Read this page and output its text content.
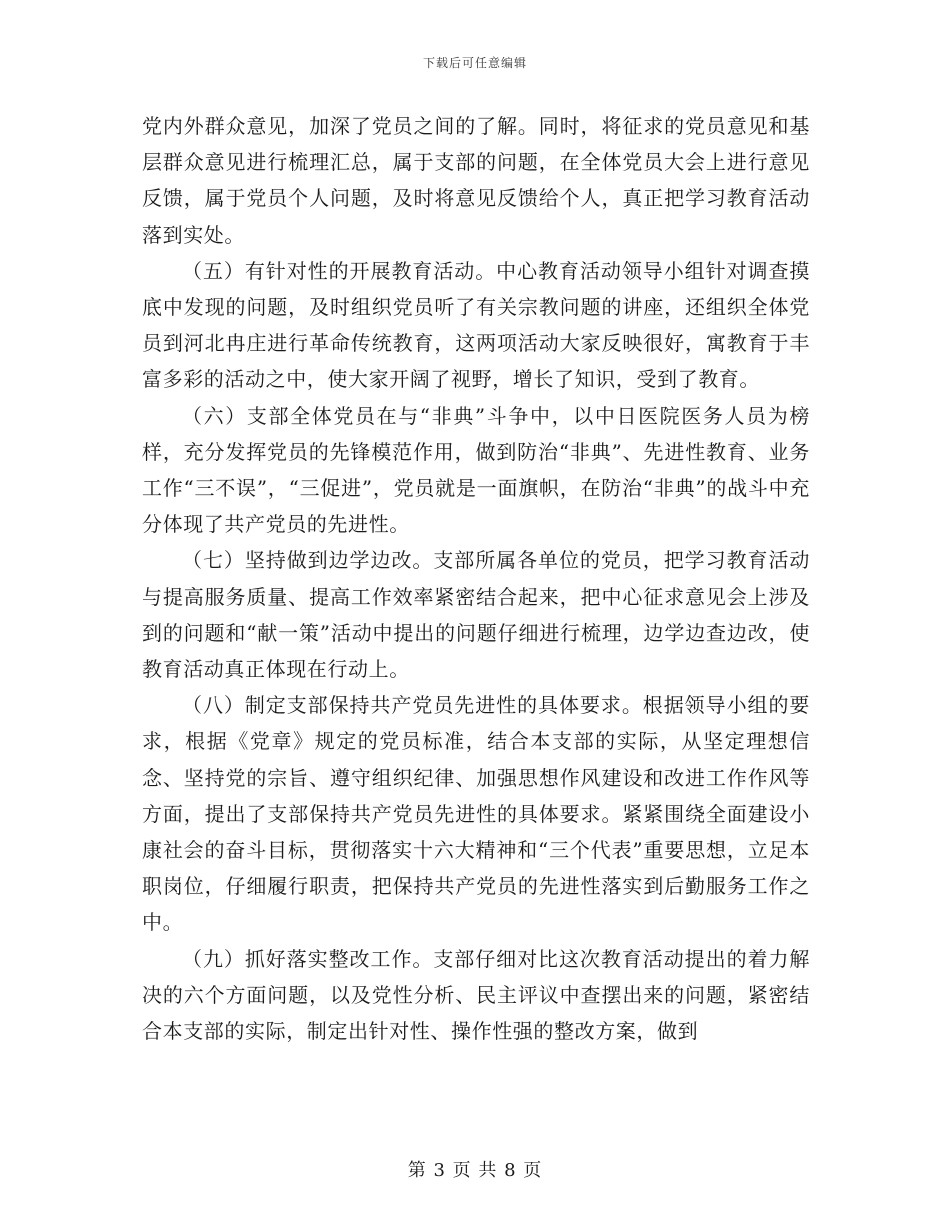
下载后可任意编辑

党内外群众意见，加深了党员之间的了解。同时，将征求的党员意见和基层群众意见进行梳理汇总，属于支部的问题，在全体党员大会上进行意见反馈，属于党员个人问题，及时将意见反馈给个人，真正把学习教育活动落到实处。

（五）有针对性的开展教育活动。中心教育活动领导小组针对调查摸底中发现的问题，及时组织党员听了有关宗教问题的讲座，还组织全体党员到河北冉庄进行革命传统教育，这两项活动大家反映很好，寓教育于丰富多彩的活动之中，使大家开阔了视野，增长了知识，受到了教育。

（六）支部全体党员在与“非典”斗争中，以中日医院医务人员为榜样，充分发挥党员的先锋模范作用，做到防治“非典”、先进性教育、业务工作“三不误”，“三促进”，党员就是一面旗帜，在防治“非典”的战斗中充分体现了共产党员的先进性。

（七）坚持做到边学边改。支部所属各单位的党员，把学习教育活动与提高服务质量、提高工作效率紧密结合起来，把中心征求意见会上涉及到的问题和“献一策”活动中提出的问题仔细进行梳理，边学边查边改，使教育活动真正体现在行动上。

（八）制定支部保持共产党员先进性的具体要求。根据领导小组的要求，根据《党章》规定的党员标准，结合本支部的实际，从坚定理想信念、坚持党的宗旨、遵守组织纪律、加强思想作风建设和改进工作作风等方面，提出了支部保持共产党员先进性的具体要求。紧紧围绕全面建设小康社会的奋斗目标，贯彻落实十六大精神和“三个代表”重要思想，立足本职岗位，仔细履行职责，把保持共产党员的先进性落实到后勤服务工作之中。

（九）抓好落实整改工作。支部仔细对比这次教育活动提出的着力解决的六个方面问题，以及党性分析、民主评议中查摆出来的问题，紧密结合本支部的实际，制定出针对性、操作性强的整改方案，做到

第 3 页 共 8 页
